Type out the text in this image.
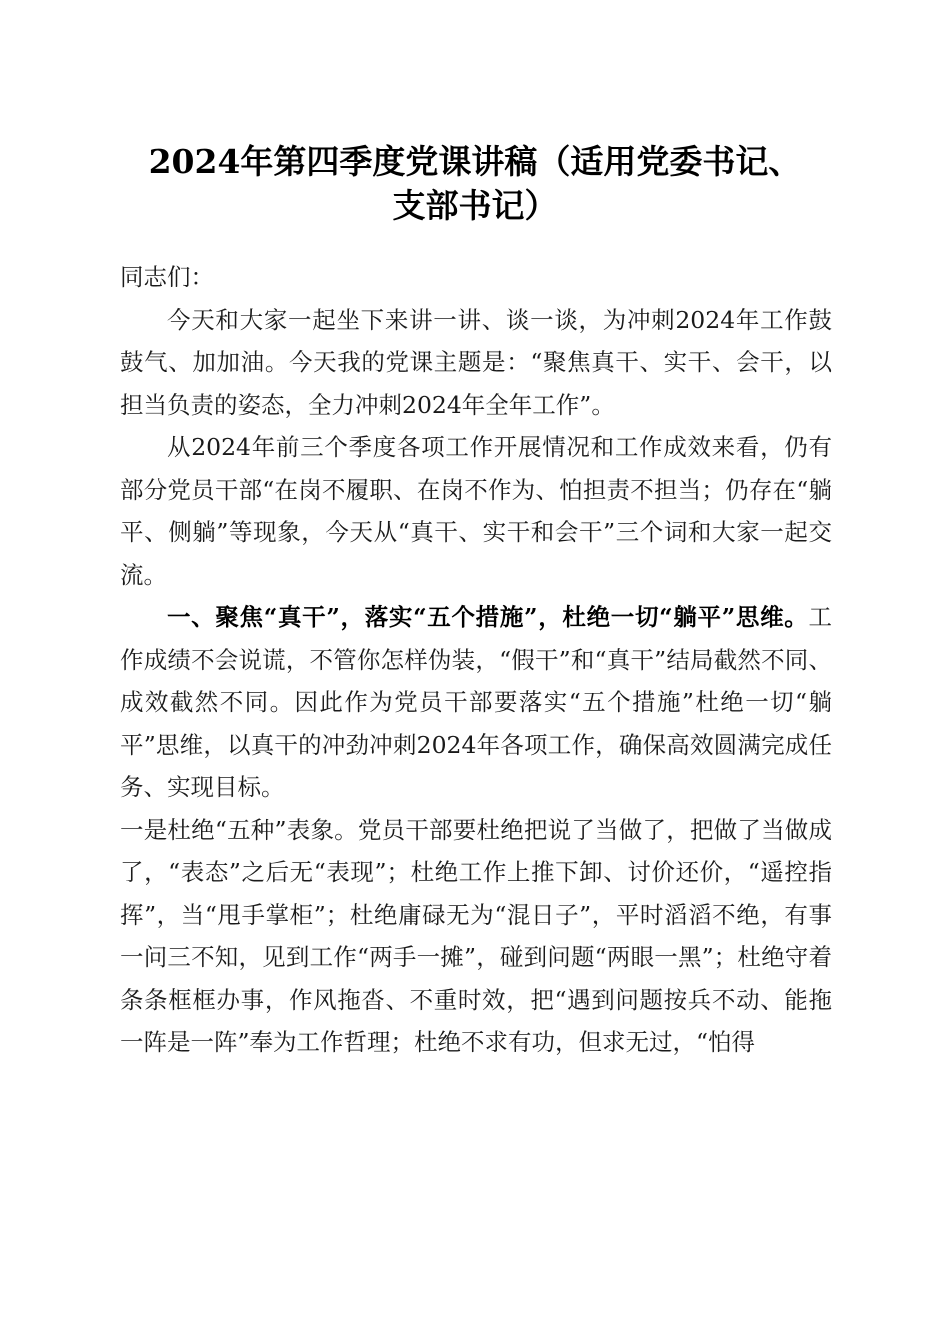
2024年第四季度党课讲稿（适用党委书记、
支部书记）

同志们：

今天和大家一起坐下来讲一讲、谈一谈，为冲刺2024年工作鼓鼓气、加加油。今天我的党课主题是：“聚焦真干、实干、会干，以担当负责的姿态，全力冲刺2024年全年工作”。

从2024年前三个季度各项工作开展情况和工作成效来看，仍有部分党员干部“在岗不履职、在岗不作为、怕担责不担当；仍存在“躺平、侧躺”等现象，今天从“真干、实干和会干”三个词和大家一起交流。

一、聚焦“真干”，落实“五个措施”，杜绝一切“躺平”思维。工作成绩不会说谎，不管你怎样伪装，“假干”和“真干”结局截然不同、成效截然不同。因此作为党员干部要落实“五个措施”杜绝一切“躺平”思维，以真干的冲劲冲刺2024年各项工作，确保高效圆满完成任务、实现目标。

一是杜绝“五种”表象。党员干部要杜绝把说了当做了，把做了当做成了，“表态”之后无“表现”；杜绝工作上推下卸、讨价还价，“遥控指挥”，当“甩手掌柜”；杜绝庸碌无为“混日子”，平时滔滔不绝，有事一问三不知，见到工作“两手一摊”，碰到问题“两眼一黑”；杜绝守着条条框框办事，作风拖沓、不重时效，把“遇到问题按兵不动、能拖一阵是一阵”奉为工作哲理；杜绝不求有功，但求无过，“怕得
